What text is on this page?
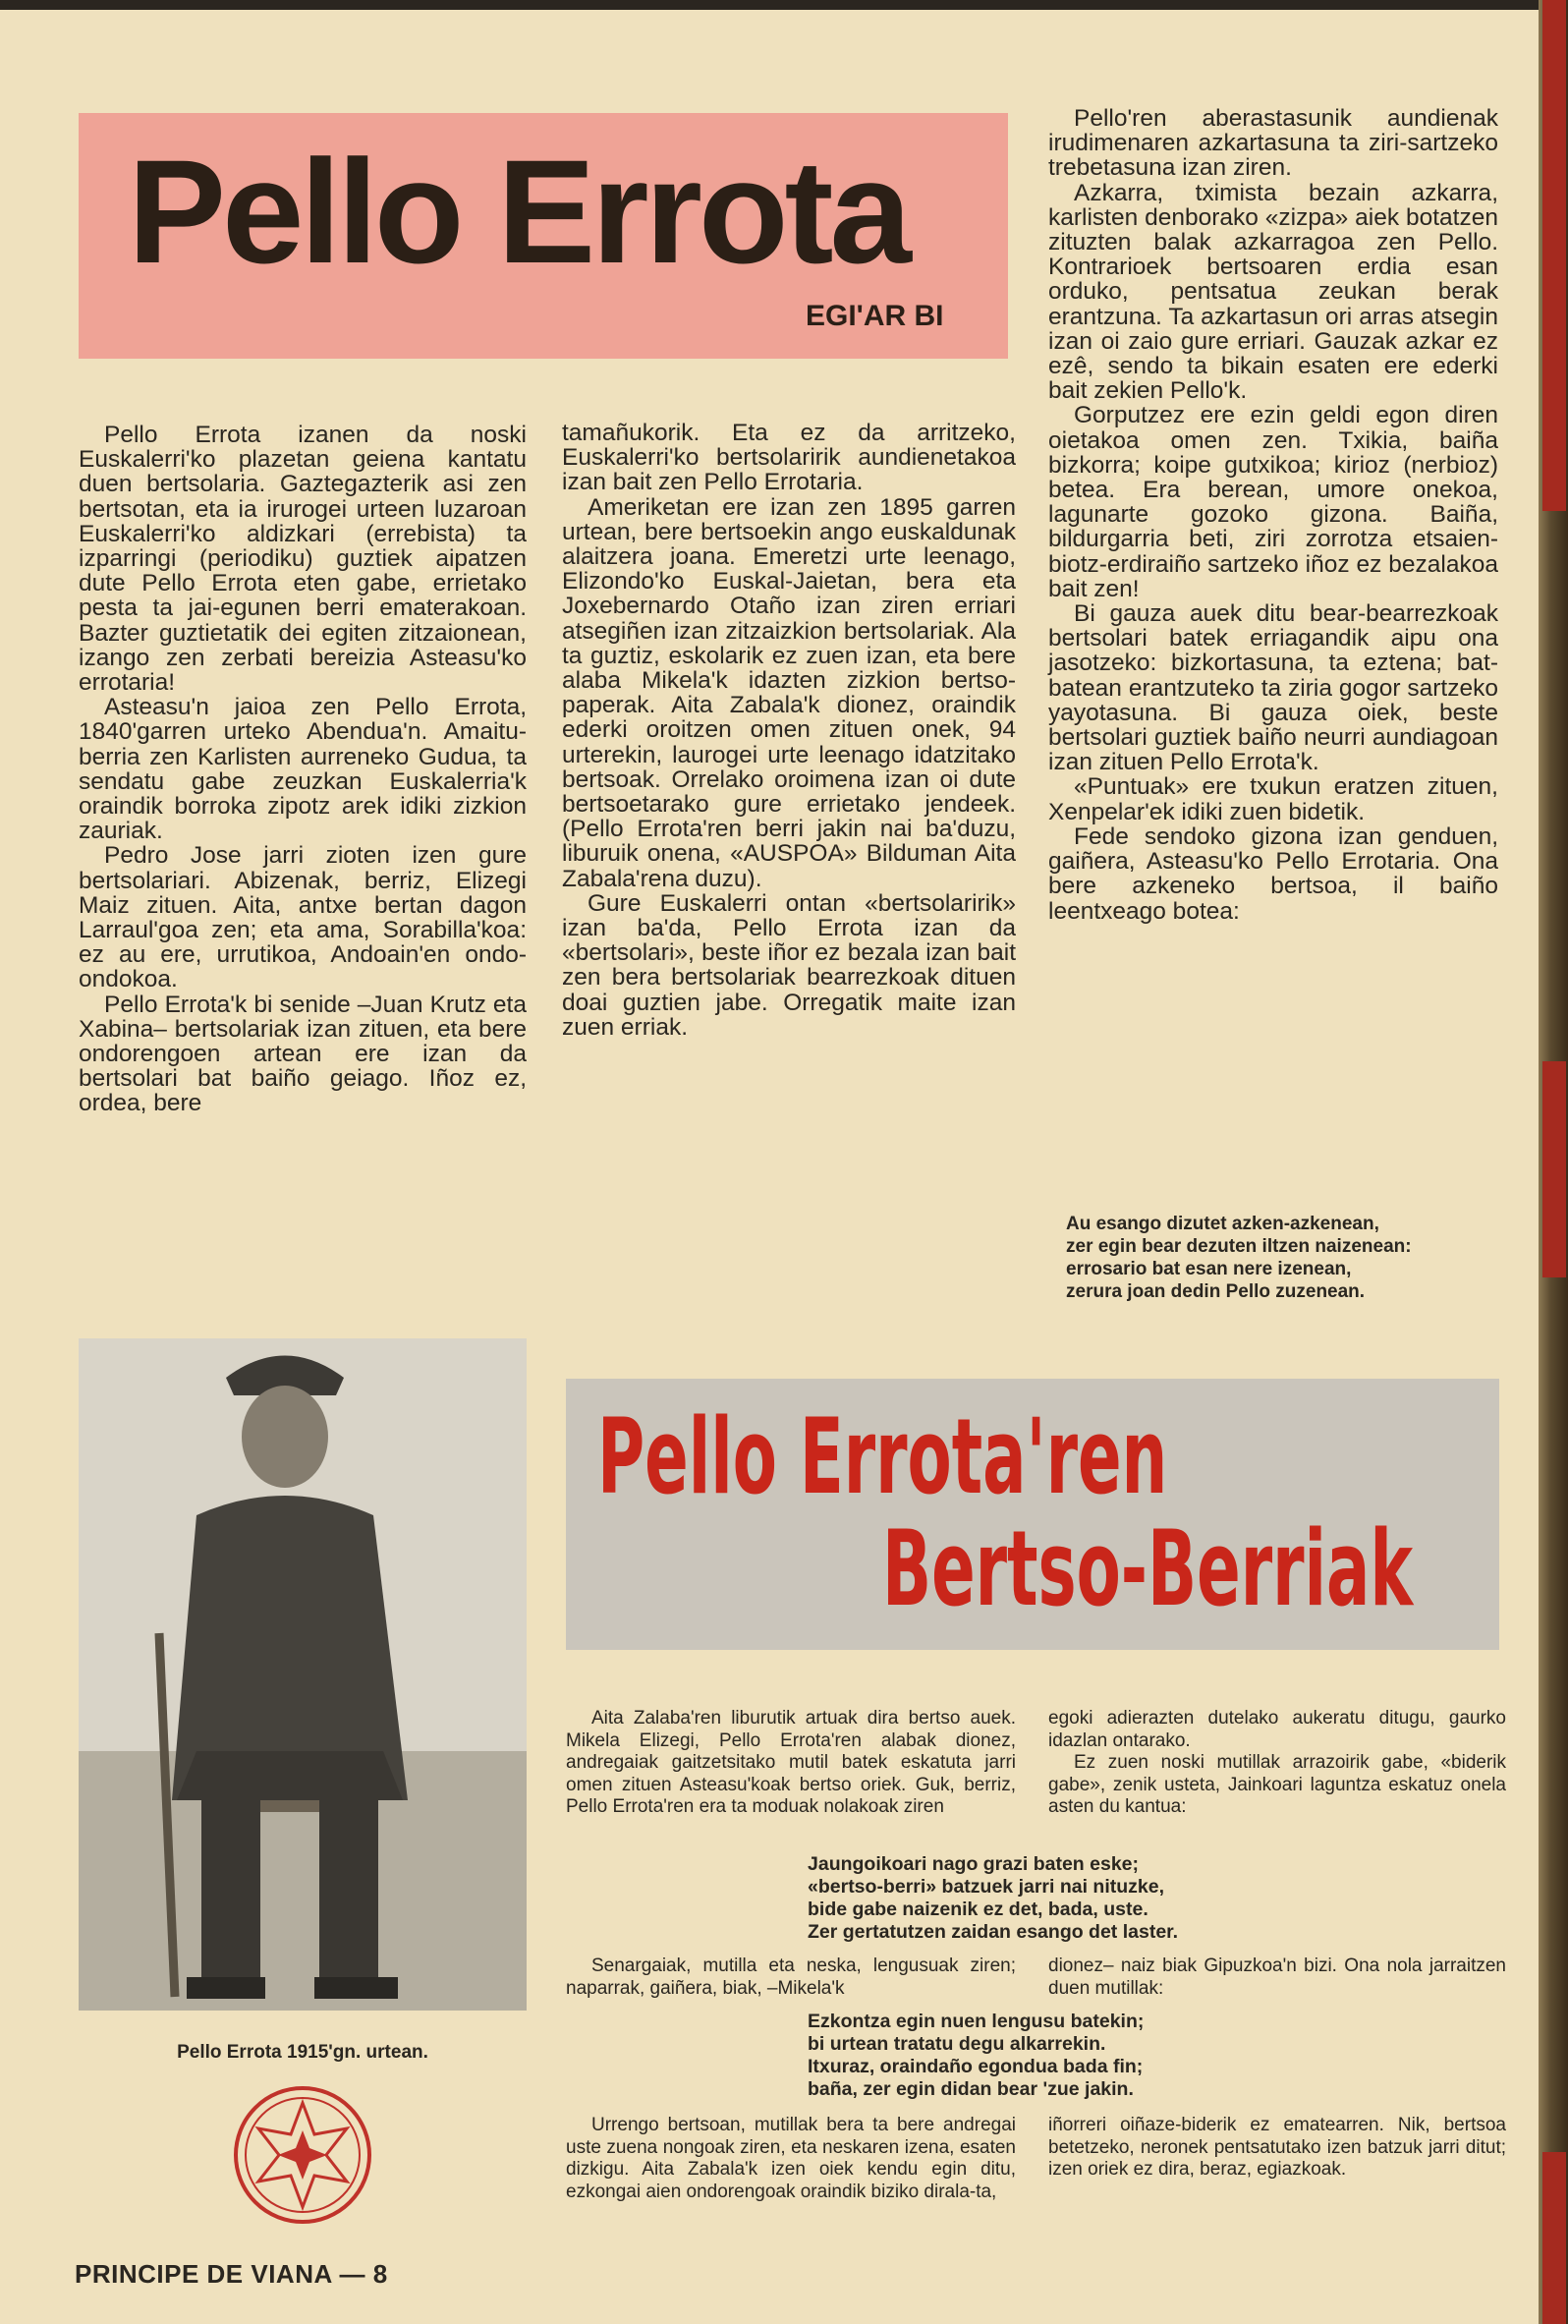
Pello Errota
EGI'AR BI

Pello Errota izanen da noski Euskalerri'ko plazetan geiena kantatu duen bertsolaria. Gaztegazterik asi zen bertsotan, eta ia irurogei urteen luzaroan Euskalerri'ko aldizkari (errebista) ta izparringi (periodiku) guztiek aipatzen dute Pello Errota eten gabe, errietako pesta ta jai-egunen berri ematerakoan. Bazter guztietatik dei egiten zitzaionean, izango zen zerbati bereizia Asteasu'ko errotaria!

Asteasu'n jaioa zen Pello Errota, 1840'garren urteko Abendua'n. Amaitu-berria zen Karlisten aurreneko Gudua, ta sendatu gabe zeuzkan Euskalerria'k oraindik borroka zipotz arek idiki zizkion zauriak.

Pedro Jose jarri zioten izen gure bertsolariari. Abizenak, berriz, Elizegi Maiz zituen. Aita, antxe bertan dagon Larraul'goa zen; eta ama, Sorabilla'koa: ez au ere, urrutikoa, Andoain'en ondo-ondokoa.

Pello Errota'k bi senide –Juan Krutz eta Xabina– bertsolariak izan zituen, eta bere ondorengoen artean ere izan da bertsolari bat baiño geiago. Iñoz ez, ordea, bere

tamañukorik. Eta ez da arritzeko, Euskalerri'ko bertsolaririk aundienetakoa izan bait zen Pello Errotaria.

Ameriketan ere izan zen 1895 garren urtean, bere bertsoekin ango euskaldunak alaitzera joana. Emeretzi urte leenago, Elizondo'ko Euskal-Jaietan, bera eta Joxebernardo Otaño izan ziren erriari atsegiñen izan zitzaizkion bertsolariak. Ala ta guztiz, eskolarik ez zuen izan, eta bere alaba Mikela'k idazten zizkion bertso-paperak. Aita Zabala'k dionez, oraindik ederki oroitzen omen zituen onek, 94 urterekin, laurogei urte leenago idatzitako bertsoak. Orrelako oroimena izan oi dute bertsoetarako gure errietako jendeek. (Pello Errota'ren berri jakin nai ba'duzu, liburuik onena, «AUSPOA» Bilduman Aita Zabala'rena duzu).

Gure Euskalerri ontan «bertsolaririk» izan ba'da, Pello Errota izan da «bertsolari», beste iñor ez bezala izan bait zen bera bertsolariak bearrezkoak dituen doai guztien jabe. Orregatik maite izan zuen erriak.

Pello'ren aberastasunik aundienak irudimenaren azkartasuna ta ziri-sartzeko trebetasuna izan ziren.

Azkarra, tximista bezain azkarra, karlisten denborako «zizpa» aiek botatzen zituzten balak azkarragoa zen Pello. Kontrarioek bertsoaren erdia esan orduko, pentsatua zeukan berak erantzuna. Ta azkartasun ori arras atsegin izan oi zaio gure erriari. Gauzak azkar ez ezê, sendo ta bikain esaten ere ederki bait zekien Pello'k.

Gorputzez ere ezin geldi egon diren oietakoa omen zen. Txikia, baiña bizkorra; koipe gutxikoa; kirioz (nerbioz) betea. Era berean, umore onekoa, lagunarte gozoko gizona. Baiña, bildurgarria beti, ziri zorrotza etsaien-biotz-erdiraiño sartzeko iñoz ez bezalakoa bait zen!

Bi gauza auek ditu bear-bearrezkoak bertsolari batek erriagandik aipu ona jasotzeko: bizkortasuna, ta eztena; bat-batean erantzuteko ta ziria gogor sartzeko yayotasuna. Bi gauza oiek, beste bertsolari guztiek baiño neurri aundiagoan izan zituen Pello Errota'k.

«Puntuak» ere txukun eratzen zituen, Xenpelar'ek idiki zuen bidetik.

Fede sendoko gizona izan genduen, gaiñera, Asteasu'ko Pello Errotaria. Ona bere azkeneko bertsoa, il baiño leentxeago botea:

Au esango dizutet azken-azkenean,
zer egin bear dezuten iltzen naizenean:
errosario bat esan nere izenean,
zerura joan dedin Pello zuzenean.
Pello Errota 1915'gn. urtean.
PRINCIPE DE VIANA — 8
Pello Errota'ren
Bertso-Berriak

Aita Zalaba'ren liburutik artuak dira bertso auek. Mikela Elizegi, Pello Errota'ren alabak dionez, andregaiak gaitzetsitako mutil batek eskatuta jarri omen zituen Asteasu'koak bertso oriek. Guk, berriz, Pello Errota'ren era ta moduak nolakoak ziren

egoki adierazten dutelako aukeratu ditugu, gaurko idazlan ontarako.

Ez zuen noski mutillak arrazoirik gabe, «biderik gabe», zenik usteta, Jainkoari laguntza eskatuz onela asten du kantua:

Jaungoikoari nago grazi baten eske;
«bertso-berri» batzuek jarri nai nituzke,
bide gabe naizenik ez det, bada, uste.
Zer gertatutzen zaidan esango det laster.

Senargaiak, mutilla eta neska, lengusuak ziren; naparrak, gaiñera, biak, –Mikela'k

dionez– naiz biak Gipuzkoa'n bizi. Ona nola jarraitzen duen mutillak:

Ezkontza egin nuen lengusu batekin;
bi urtean tratatu degu alkarrekin.
Itxuraz, oraindaño egondua bada fin;
baña, zer egin didan bear 'zue jakin.

Urrengo bertsoan, mutillak bera ta bere andregai uste zuena nongoak ziren, eta neskaren izena, esaten dizkigu. Aita Zabala'k izen oiek kendu egin ditu, ezkongai aien ondorengoak oraindik biziko dirala-ta,

iñorreri oiñaze-biderik ez ematearren. Nik, bertsoa betetzeko, neronek pentsatutako izen batzuk jarri ditut; izen oriek ez dira, beraz, egiazkoak.
